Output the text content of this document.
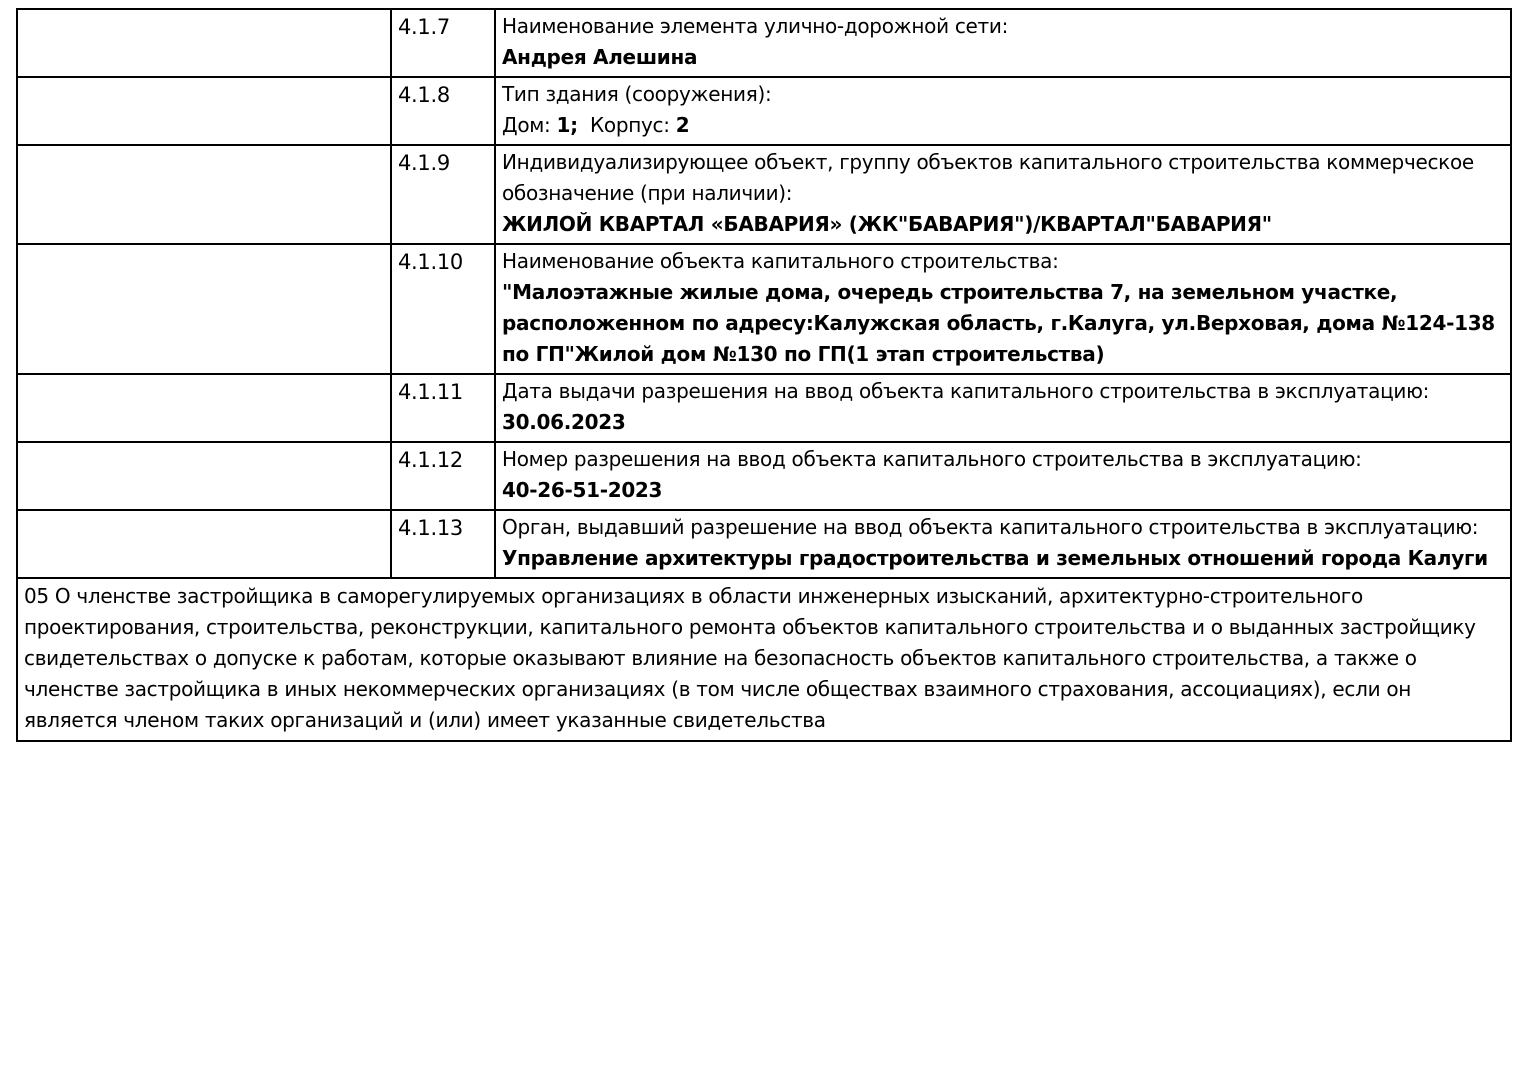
	4.1.7	Наименование элемента улично-дорожной сети:
Андрея Алешина
	4.1.8	Тип здания (сооружения):
Дом: 1;  Корпус: 2
	4.1.9	Индивидуализирующее объект, группу объектов капитального строительства коммерческое обозначение (при наличии):
ЖИЛОЙ КВАРТАЛ «БАВАРИЯ» (ЖК"БАВАРИЯ")/КВАРТАЛ"БАВАРИЯ"
	4.1.10	Наименование объекта капитального строительства:
"Малоэтажные жилые дома, очередь строительства 7, на земельном участке, расположенном по адресу:Калужская область, г.Калуга, ул.Верховая, дома №124-138 по ГП"Жилой дом №130 по ГП(1 этап строительства)
	4.1.11	Дата выдачи разрешения на ввод объекта капитального строительства в эксплуатацию:
30.06.2023
	4.1.12	Номер разрешения на ввод объекта капитального строительства в эксплуатацию:
40-26-51-2023
	4.1.13	Орган, выдавший разрешение на ввод объекта капитального строительства в эксплуатацию:
Управление архитектуры градостроительства и земельных отношений города Калуги
05 О членстве застройщика в саморегулируемых организациях в области инженерных изысканий, архитектурно-строительного проектирования, строительства, реконструкции, капитального ремонта объектов капитального строительства и о выданных застройщику свидетельствах о допуске к работам, которые оказывают влияние на безопасность объектов капитального строительства, а также о членстве застройщика в иных некоммерческих организациях (в том числе обществах взаимного страхования, ассоциациях), если он является членом таких организаций и (или) имеет указанные свидетельства		
